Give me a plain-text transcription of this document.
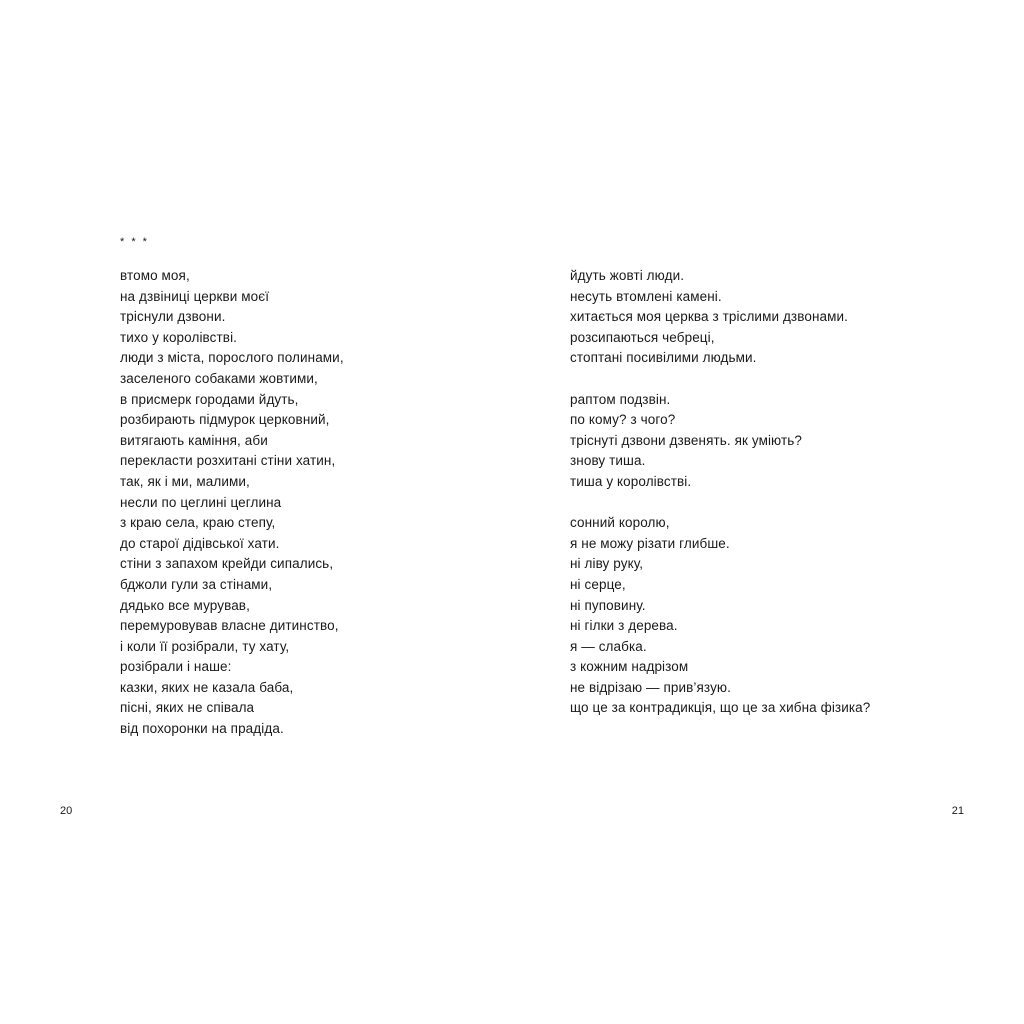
* * *

втомо моя,
на дзвіниці церкви моєї
тріснули дзвони.
тихо у королівстві.
люди з міста, порослого полинами,
заселеного собаками жовтими,
в присмерк городами йдуть,
розбирають підмурок церковний,
витягають каміння, аби
перекласти розхитані стіни хатин,
так, як і ми, малими,
несли по цеглині цеглина
з краю села, краю степу,
до старої дідівської хати.
стіни з запахом крейди сипались,
бджоли гули за стінами,
дядько все мурував,
перемуровував власне дитинство,
і коли її розібрали, ту хату,
розібрали і наше:
казки, яких не казала баба,
пісні, яких не співала
від похоронки на прадіда.
20
йдуть жовті люди.
несуть втомлені камені.
хитається моя церква з тріслими дзвонами.
розсипаються чебреці,
стоптані посивілими людьми.
раптом подзвін.
по кому? з чого?
тріснуті дзвони дзвенять. як уміють?
знову тиша.
тиша у королівстві.
сонний королю,
я не можу різати глибше.
ні ліву руку,
ні серце,
ні пуповину.
ні гілки з дерева.
я — слабка.
з кожним надрізом
не відрізаю — прив’язую.
що це за контрадикція, що це за хибна фізика?
21
